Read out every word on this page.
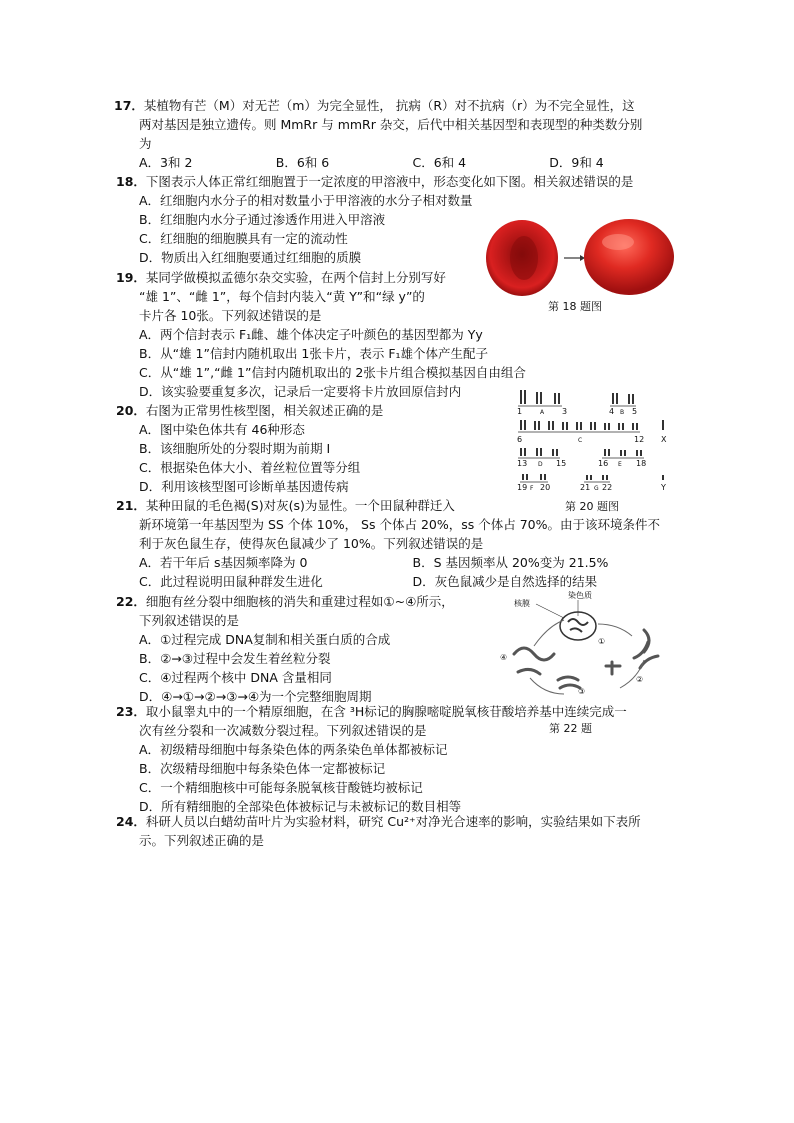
17．某植物有芒（M）对无芒（m）为完全显性， 抗病（R）对不抗病（r）为不完全显性，这
两对基因是独立遗传。则 MmRr 与 mmRr 杂交，后代中相关基因型和表现型的种类数分别
为
A．3和 2	B．6和 6	C．6和 4	D．9和 4
18．下图表示人体正常红细胞置于一定浓度的甲溶液中，形态变化如下图。相关叙述错误的是
A．红细胞内水分子的相对数量小于甲溶液的水分子相对数量
B．红细胞内水分子通过渗透作用进入甲溶液
C．红细胞的细胞膜具有一定的流动性
D．物质出入红细胞要通过红细胞的质膜
第 18 题图
19．某同学做模拟孟德尔杂交实验，在两个信封上分别写好
“雄 1”、“雌 1”，每个信封内装入“黄 Y”和“绿 y”的
卡片各 10张。下列叙述错误的是
A．两个信封表示 F₁雌、雄个体决定子叶颜色的基因型都为 Yy
B．从“雄 1”信封内随机取出 1张卡片，表示 F₁雄个体产生配子
C．从“雄 1”,“雌 1”信封内随机取出的 2张卡片组合模拟基因自由组合
D．该实验要重复多次，记录后一定要将卡片放回原信封内
20．右图为正常男性核型图，相关叙述正确的是
A．图中染色体共有 46种形态
B．该细胞所处的分裂时期为前期 I
C．根据染色体大小、着丝粒位置等分组
D．利用该核型图可诊断单基因遗传病
1	3	4 5
A	B
6	12 X
C
13	15	16	18
D	E
19 20	21 22
F	G	Y
第 20 题图
21．某种田鼠的毛色褐(S)对灰(s)为显性。一个田鼠种群迁入
新环境第一年基因型为 SS 个体 10%， Ss 个体占 20%，ss 个体占 70%。由于该环境条件不
利于灰色鼠生存，使得灰色鼠减少了 10%。下列叙述错误的是
A．若干年后 s基因频率降为 0	B．S 基因频率从 20%变为 21.5%
C．此过程说明田鼠种群发生进化	D．灰色鼠减少是自然选择的结果
22．细胞有丝分裂中细胞核的消失和重建过程如①~④所示，
下列叙述错误的是
A．①过程完成 DNA复制和相关蛋白质的合成
B．②→③过程中会发生着丝粒分裂
C．④过程两个核中 DNA 含量相同
D．④→①→②→③→④为一个完整细胞周期
核膜
染色质
①
②
③
④
第 22 题
23．取小鼠睾丸中的一个精原细胞，在含 ³H标记的胸腺嘧啶脱氧核苷酸培养基中连续完成一
次有丝分裂和一次减数分裂过程。下列叙述错误的是
A．初级精母细胞中每条染色体的两条染色单体都被标记
B．次级精母细胞中每条染色体一定都被标记
C．一个精细胞核中可能每条脱氧核苷酸链均被标记
D．所有精细胞的全部染色体被标记与未被标记的数目相等
24．科研人员以白蜡幼苗叶片为实验材料，研究 Cu²⁺对净光合速率的影响，实验结果如下表所
示。下列叙述正确的是
